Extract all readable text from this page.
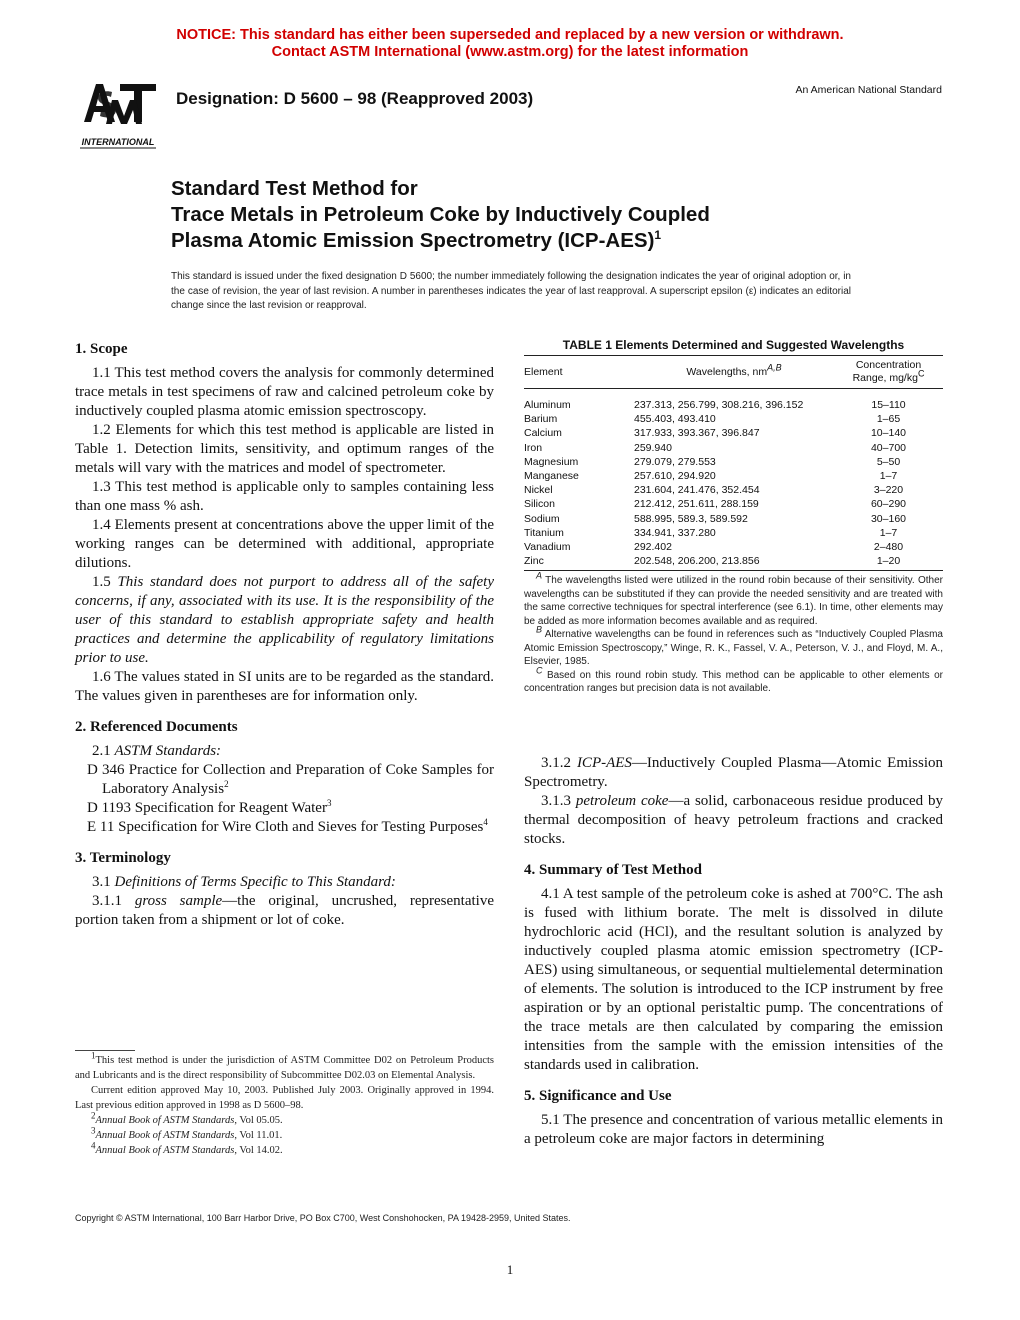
NOTICE: This standard has either been superseded and replaced by a new version or withdrawn.
Contact ASTM International (www.astm.org) for the latest information
INTERNATIONAL
Designation: D 5600 – 98 (Reapproved 2003)	An American National Standard
Standard Test Method for
Trace Metals in Petroleum Coke by Inductively Coupled
Plasma Atomic Emission Spectrometry $(ICP-AES)^1$
This standard is issued under the fixed designation D 5600; the number immediately following the designation indicates the year of original adoption or, in the case of revision, the year of last revision. A number in parentheses indicates the year of last reapproval. A superscript epsilon (ε) indicates an editorial change since the last revision or reapproval.
1. Scope

1.1 This test method covers the analysis for commonly determined trace metals in test specimens of raw and calcined petroleum coke by inductively coupled plasma atomic emission spectroscopy.

1.2 Elements for which this test method is applicable are listed in Table 1. Detection limits, sensitivity, and optimum ranges of the metals will vary with the matrices and model of spectrometer.

1.3 This test method is applicable only to samples containing less than one mass % ash.

1.4 Elements present at concentrations above the upper limit of the working ranges can be determined with additional, appropriate dilutions.

1.5 This standard does not purport to address all of the safety concerns, if any, associated with its use. It is the responsibility of the user of this standard to establish appropriate safety and health practices and determine the applicability of regulatory limitations prior to use.

1.6 The values stated in SI units are to be regarded as the standard. The values given in parentheses are for information only.

2. Referenced Documents

2.1 ASTM Standards:

D 346 Practice for Collection and Preparation of Coke Samples for Laboratory Analysis$^2$

D 1193 Specification for Reagent Water$^3$

E 11 Specification for Wire Cloth and Sieves for Testing Purposes$^4$

3. Terminology

3.1 Definitions of Terms Specific to This Standard:

3.1.1 gross sample—the original, uncrushed, representative portion taken from a shipment or lot of coke.

$^1$This test method is under the jurisdiction of ASTM Committee D02 on Petroleum Products and Lubricants and is the direct responsibility of Subcommittee D02.03 on Elemental Analysis.

Current edition approved May 10, 2003. Published July 2003. Originally approved in 1994. Last previous edition approved in 1998 as D 5600–98.

$^2$Annual Book of ASTM Standards, Vol 05.05.

$^3$Annual Book of ASTM Standards, Vol 11.01.

$^4$Annual Book of ASTM Standards, Vol 14.02.

TABLE 1 Elements Determined and Suggested Wavelengths
Element	Wavelengths, $nm^{A,B}$	Concentration
Range, $mg/kg^C$
Aluminum	237.313, 256.799, 308.216, 396.152	15–110
Barium	455.403, 493.410	1–65
Calcium	317.933, 393.367, 396.847	10–140
Iron	259.940	40–700
Magnesium	279.079, 279.553	5–50
Manganese	257.610, 294.920	1–7
Nickel	231.604, 241.476, 352.454	3–220
Silicon	212.412, 251.611, 288.159	60–290
Sodium	588.995, 589.3, 589.592	30–160
Titanium	334.941, 337.280	1–7
Vanadium	292.402	2–480
Zinc	202.548, 206.200, 213.856	1–20

$^A$ The wavelengths listed were utilized in the round robin because of their sensitivity. Other wavelengths can be substituted if they can provide the needed sensitivity and are treated with the same corrective techniques for spectral interference (see 6.1). In time, other elements may be added as more information becomes available and as required.

$^B$ Alternative wavelengths can be found in references such as “Inductively Coupled Plasma Atomic Emission Spectroscopy,” Winge, R. K., Fassel, V. A., Peterson, V. J., and Floyd, M. A., Elsevier, 1985.

$^C$ Based on this round robin study. This method can be applicable to other elements or concentration ranges but precision data is not available.

3.1.2 ICP-AES—Inductively Coupled Plasma—Atomic Emission Spectrometry.

3.1.3 petroleum coke—a solid, carbonaceous residue produced by thermal decomposition of heavy petroleum fractions and cracked stocks.

4. Summary of Test Method

4.1 A test sample of the petroleum coke is ashed at 700°C. The ash is fused with lithium borate. The melt is dissolved in dilute hydrochloric acid (HCl), and the resultant solution is analyzed by inductively coupled plasma atomic emission spectrometry (ICP-AES) using simultaneous, or sequential multielemental determination of elements. The solution is introduced to the ICP instrument by free aspiration or by an optional peristaltic pump. The concentrations of the trace metals are then calculated by comparing the emission intensities from the sample with the emission intensities of the standards used in calibration.

5. Significance and Use

5.1 The presence and concentration of various metallic elements in a petroleum coke are major factors in determining

Copyright © ASTM International, 100 Barr Harbor Drive, PO Box C700, West Conshohocken, PA 19428-2959, United States.
1
